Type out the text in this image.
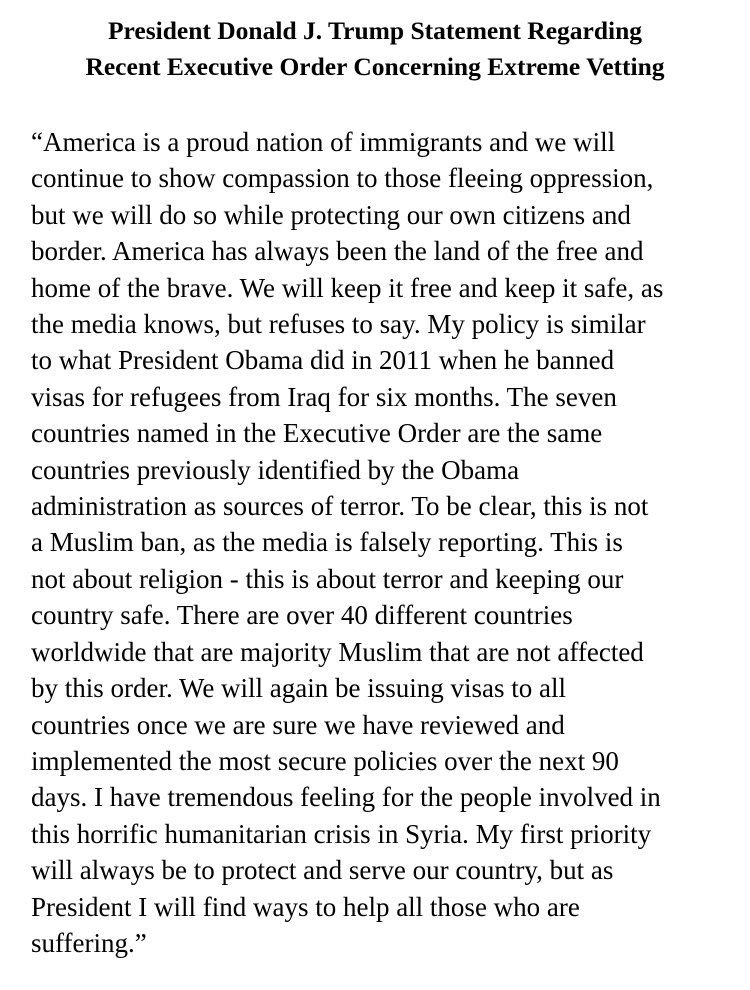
President Donald J. Trump Statement Regarding
Recent Executive Order Concerning Extreme Vetting
“America is a proud nation of immigrants and we will
continue to show compassion to those fleeing oppression,
but we will do so while protecting our own citizens and
border. America has always been the land of the free and
home of the brave. We will keep it free and keep it safe, as
the media knows, but refuses to say. My policy is similar
to what President Obama did in 2011 when he banned
visas for refugees from Iraq for six months. The seven
countries named in the Executive Order are the same
countries previously identified by the Obama
administration as sources of terror. To be clear, this is not
a Muslim ban, as the media is falsely reporting. This is
not about religion - this is about terror and keeping our
country safe. There are over 40 different countries
worldwide that are majority Muslim that are not affected
by this order. We will again be issuing visas to all
countries once we are sure we have reviewed and
implemented the most secure policies over the next 90
days. I have tremendous feeling for the people involved in
this horrific humanitarian crisis in Syria. My first priority
will always be to protect and serve our country, but as
President I will find ways to help all those who are
suffering.”
